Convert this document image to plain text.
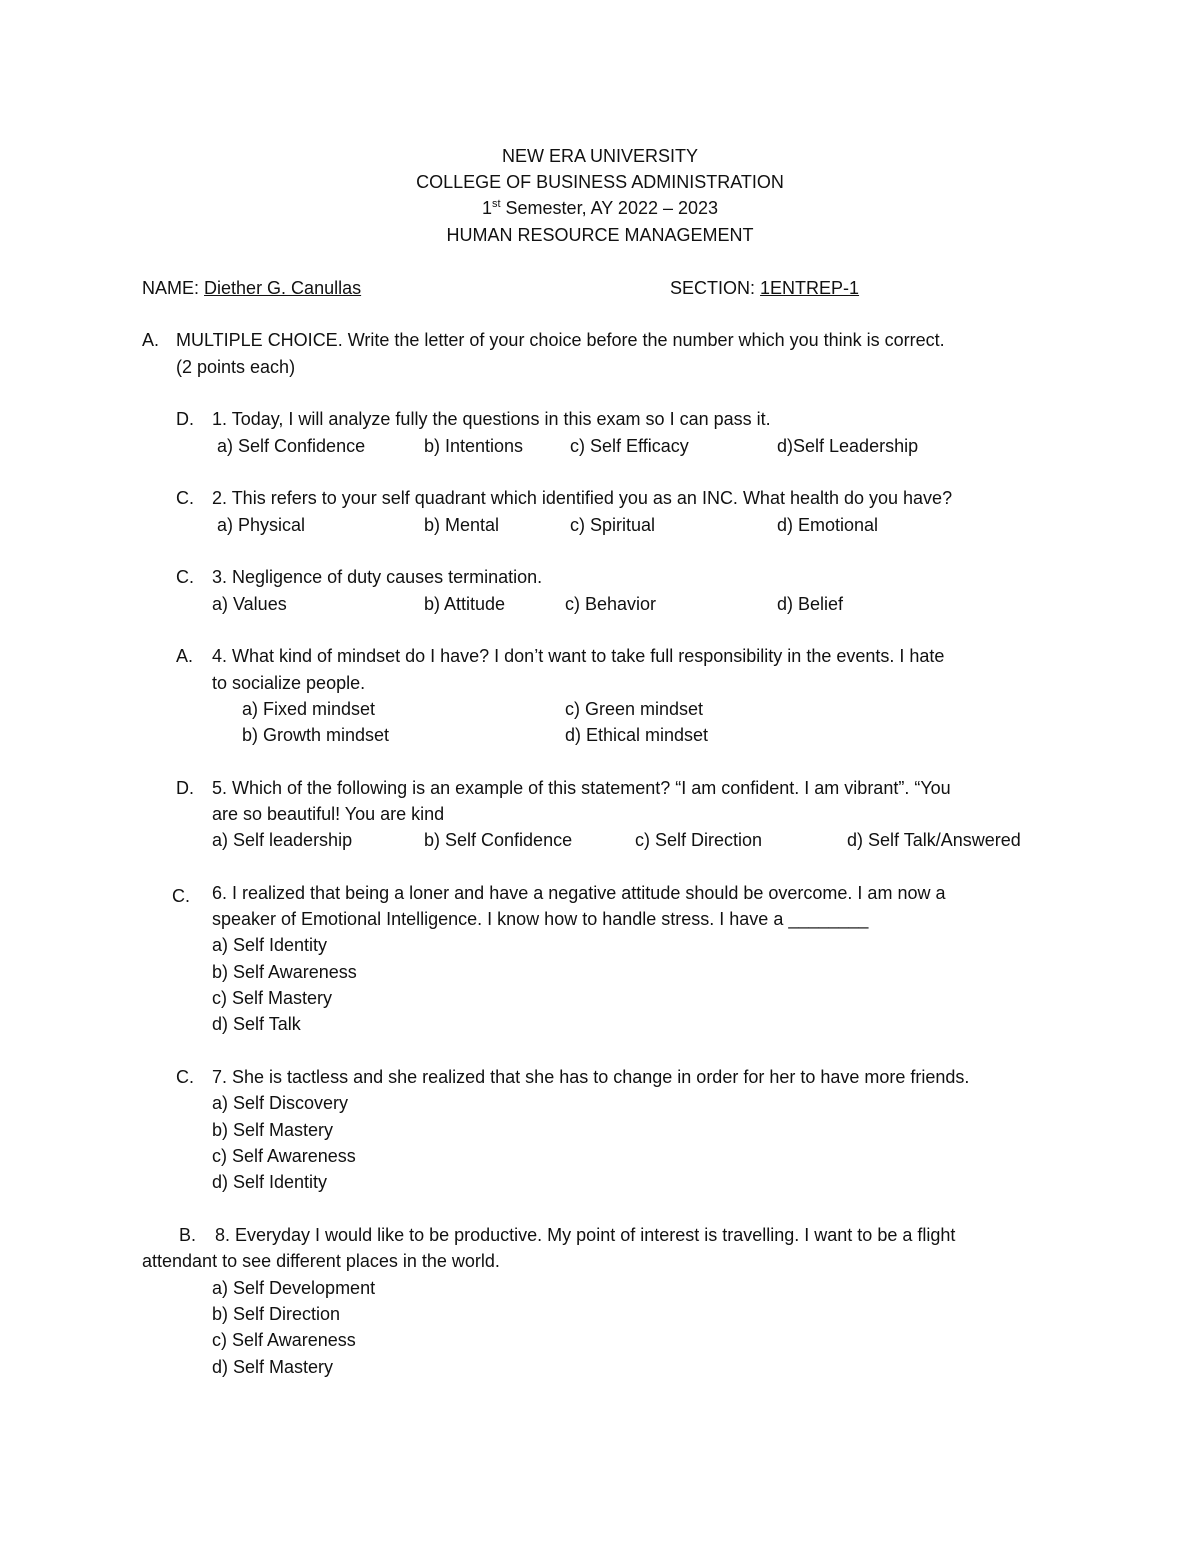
NEW ERA UNIVERSITY
COLLEGE OF BUSINESS ADMINISTRATION
1st Semester, AY 2022 – 2023
HUMAN RESOURCE MANAGEMENT
NAME: Diether G. Canullas	SECTION: 1ENTREP-1
A. MULTIPLE CHOICE. Write the letter of your choice before the number which you think is correct.
(2 points each)
D. 1. Today, I will analyze fully the questions in this exam so I can pass it.
a) Self Confidence	b) Intentions	c) Self Efficacy	d)Self Leadership
C. 2. This refers to your self quadrant which identified you as an INC. What health do you have?
a) Physical	b) Mental	c) Spiritual	d) Emotional
C. 3. Negligence of duty causes termination.
a) Values	b) Attitude	c) Behavior	d) Belief
A. 4. What kind of mindset do I have? I don’t want to take full responsibility in the events. I hate
to socialize people.
a) Fixed mindset	c) Green mindset
b) Growth mindset	d) Ethical mindset
D. 5. Which of the following is an example of this statement? “I am confident. I am vibrant”. “You
are so beautiful! You are kind
a) Self leadership	b) Self Confidence	c) Self Direction	d) Self Talk/Answered
C. 6. I realized that being a loner and have a negative attitude should be overcome. I am now a
speaker of Emotional Intelligence. I know how to handle stress. I have a ________
a) Self Identity
b) Self Awareness
c) Self Mastery
d) Self Talk
C. 7. She is tactless and she realized that she has to change in order for her to have more friends.
a) Self Discovery
b) Self Mastery
c) Self Awareness
d) Self Identity
B. 8. Everyday I would like to be productive. My point of interest is travelling. I want to be a flight
attendant to see different places in the world.
a) Self Development
b) Self Direction
c) Self Awareness
d) Self Mastery
